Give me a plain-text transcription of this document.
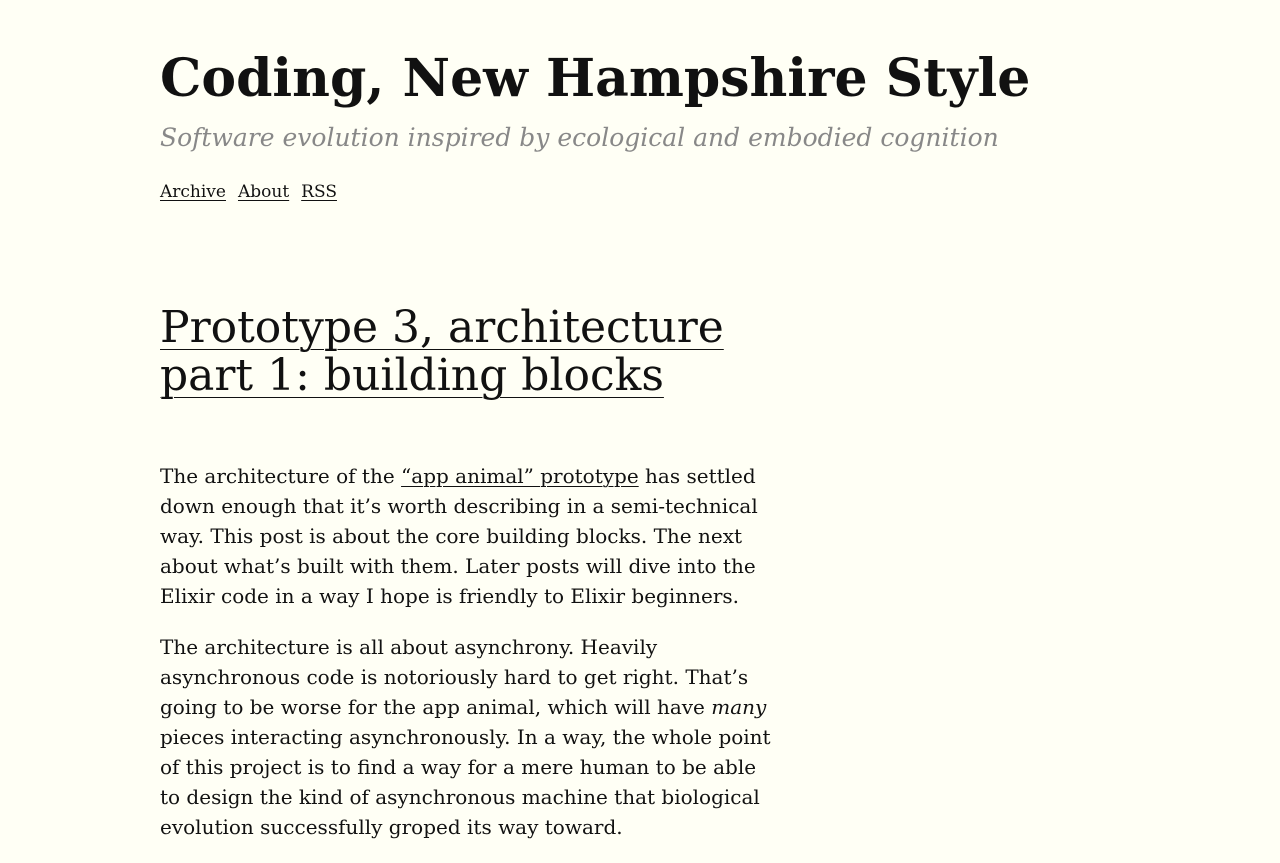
Coding, New Hampshire Style
Software evolution inspired by ecological and embodied cognition
Archive About RSS
Prototype 3, architecture part 1: building blocks

The architecture of the “app animal” prototype has settled down enough that it’s worth describing in a semi-technical way. This post is about the core building blocks. The next about what’s built with them. Later posts will dive into the Elixir code in a way I hope is friendly to Elixir beginners.

The architecture is all about asynchrony. Heavily asynchronous code is notoriously hard to get right. That’s going to be worse for the app animal, which will have many pieces interacting asynchronously. In a way, the whole point of this project is to find a way for a mere human to be able to design the kind of asynchronous machine that biological evolution successfully groped its way toward.
